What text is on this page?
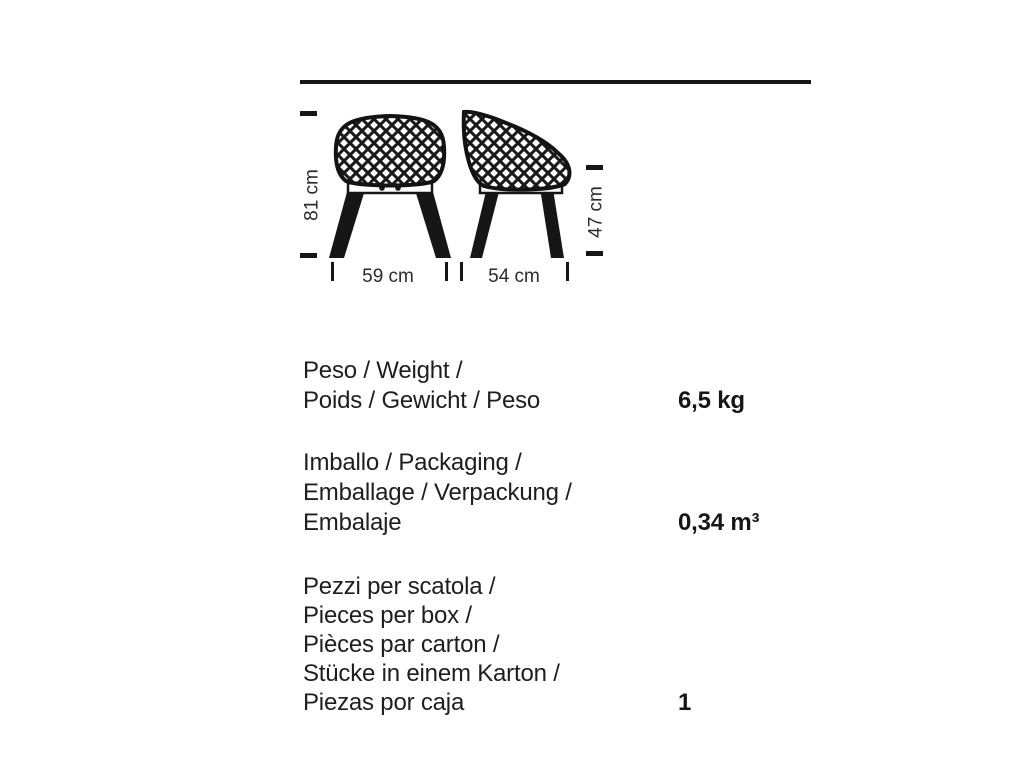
81 cm	47 cm
59 cm	54 cm
Peso / Weight /
Poids / Gewicht / Peso	6,5 kg
Imballo / Packaging /
Emballage / Verpackung /
Embalaje	0,34 m³
Pezzi per scatola /
Pieces per box /
Pièces par carton /
Stücke in einem Karton /
Piezas por caja	1
